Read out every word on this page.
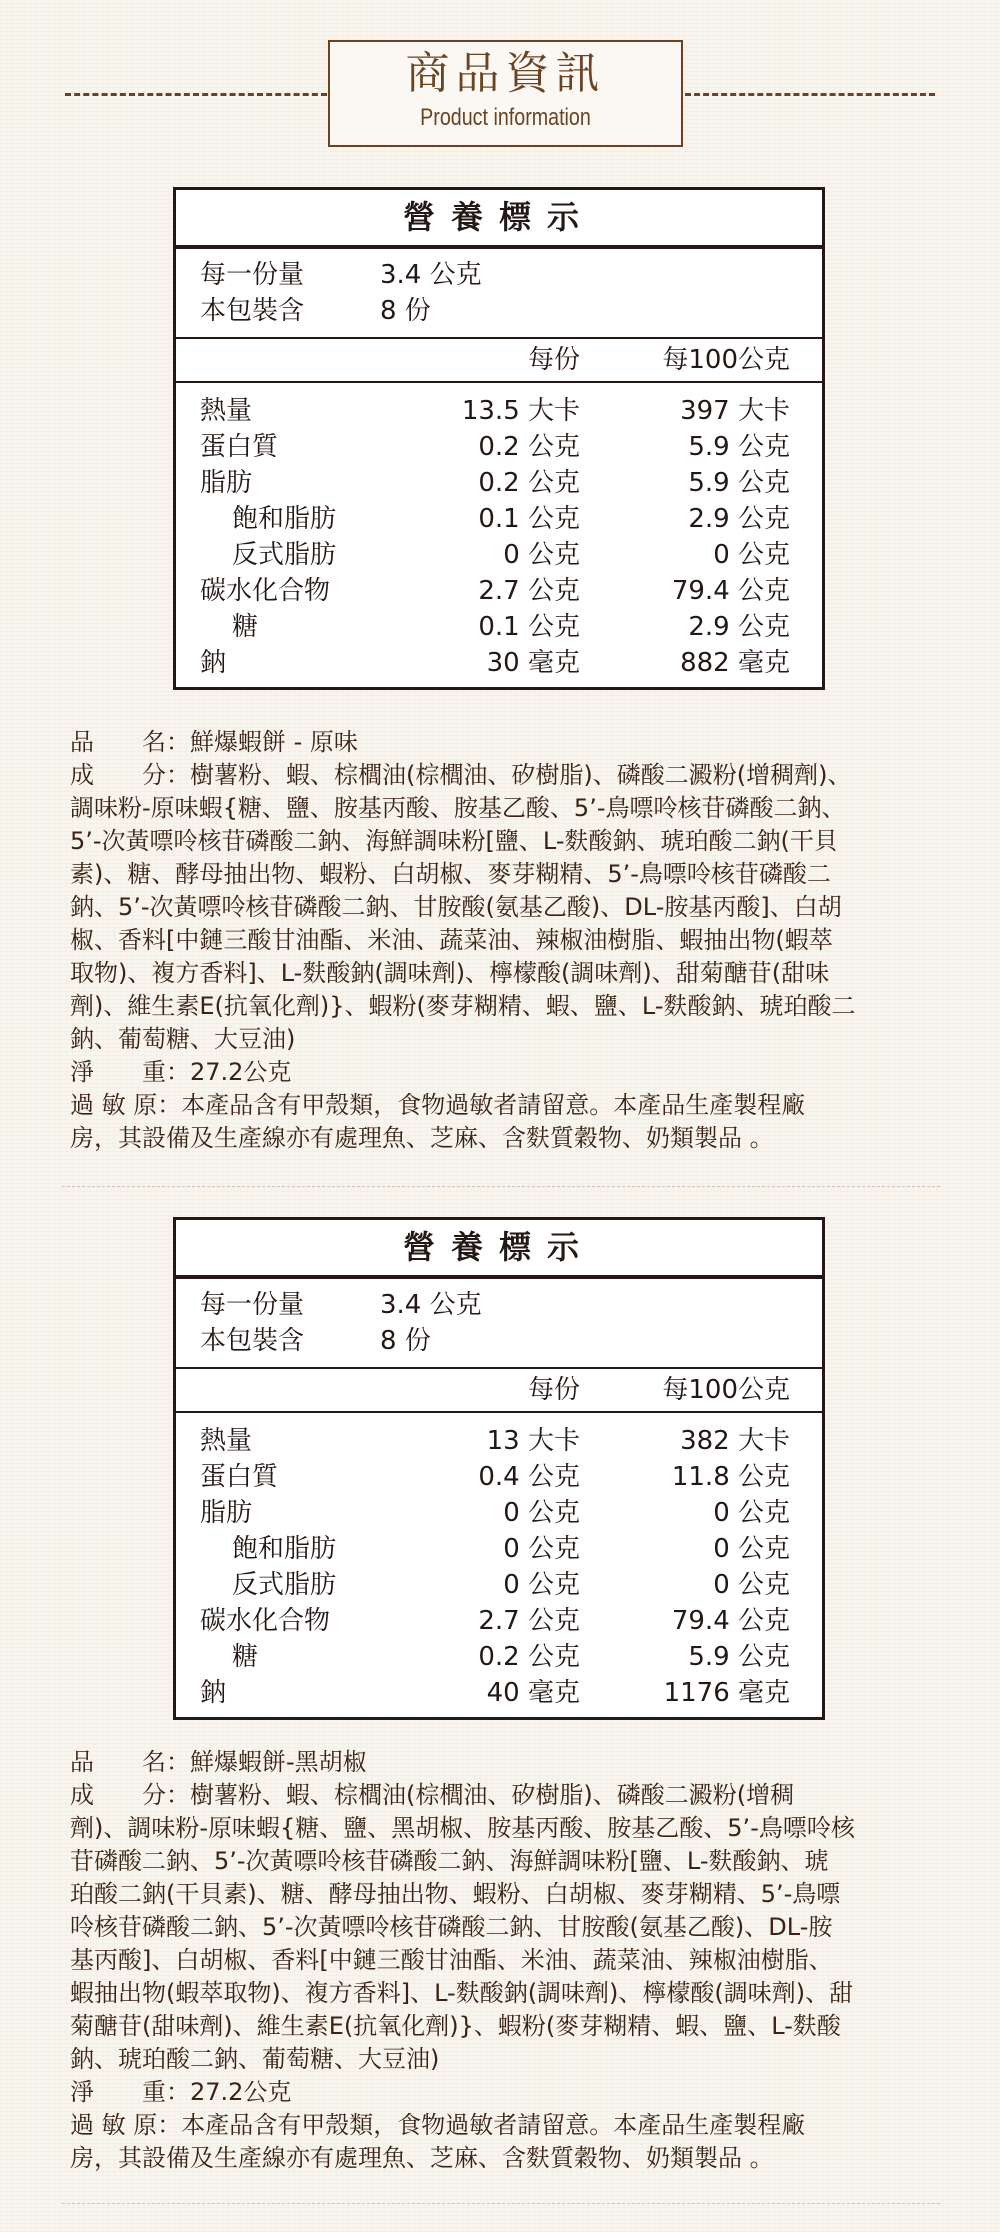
商品資訊
Product information
營養標示
每一份量	3.4 公克
本包裝含	8 份
每份	每100公克
熱量	13.5 大卡	397 大卡
蛋白質	0.2 公克	5.9 公克
脂肪	0.2 公克	5.9 公克
飽和脂肪	0.1 公克	2.9 公克
反式脂肪	0 公克	0 公克
碳水化合物	2.7 公克	79.4 公克
糖	0.1 公克	2.9 公克
鈉	30 毫克	882 毫克
品　　名：鮮爆蝦餅 - 原味
成　　分：樹薯粉、蝦、棕櫚油(棕櫚油、矽樹脂)、磷酸二澱粉(增稠劑)、
調味粉-原味蝦{糖、鹽、胺基丙酸、胺基乙酸、5’-鳥嘌呤核苷磷酸二鈉、
5’-次黃嘌呤核苷磷酸二鈉、海鮮調味粉[鹽、L-麩酸鈉、琥珀酸二鈉(干貝
素)、糖、酵母抽出物、蝦粉、白胡椒、麥芽糊精、5’-鳥嘌呤核苷磷酸二
鈉、5’-次黃嘌呤核苷磷酸二鈉、甘胺酸(氨基乙酸)、DL-胺基丙酸]、白胡
椒、香料[中鏈三酸甘油酯、米油、蔬菜油、辣椒油樹脂、蝦抽出物(蝦萃
取物)、複方香料]、L-麩酸鈉(調味劑)、檸檬酸(調味劑)、甜菊醣苷(甜味
劑)、維生素E(抗氧化劑)}、蝦粉(麥芽糊精、蝦、鹽、L-麩酸鈉、琥珀酸二
鈉、葡萄糖、大豆油)
淨　　重：27.2公克
過 敏 原：本產品含有甲殼類，食物過敏者請留意。本產品生產製程廠
房，其設備及生產線亦有處理魚、芝麻、含麩質穀物、奶類製品 。
營養標示
每一份量	3.4 公克
本包裝含	8 份
每份	每100公克
熱量	13 大卡	382 大卡
蛋白質	0.4 公克	11.8 公克
脂肪	0 公克	0 公克
飽和脂肪	0 公克	0 公克
反式脂肪	0 公克	0 公克
碳水化合物	2.7 公克	79.4 公克
糖	0.2 公克	5.9 公克
鈉	40 毫克	1176 毫克
品　　名：鮮爆蝦餅-黑胡椒
成　　分：樹薯粉、蝦、棕櫚油(棕櫚油、矽樹脂)、磷酸二澱粉(增稠
劑)、調味粉-原味蝦{糖、鹽、黑胡椒、胺基丙酸、胺基乙酸、5’-鳥嘌呤核
苷磷酸二鈉、5’-次黃嘌呤核苷磷酸二鈉、海鮮調味粉[鹽、L-麩酸鈉、琥
珀酸二鈉(干貝素)、糖、酵母抽出物、蝦粉、白胡椒、麥芽糊精、5’-鳥嘌
呤核苷磷酸二鈉、5’-次黃嘌呤核苷磷酸二鈉、甘胺酸(氨基乙酸)、DL-胺
基丙酸]、白胡椒、香料[中鏈三酸甘油酯、米油、蔬菜油、辣椒油樹脂、
蝦抽出物(蝦萃取物)、複方香料]、L-麩酸鈉(調味劑)、檸檬酸(調味劑)、甜
菊醣苷(甜味劑)、維生素E(抗氧化劑)}、蝦粉(麥芽糊精、蝦、鹽、L-麩酸
鈉、琥珀酸二鈉、葡萄糖、大豆油)
淨　　重：27.2公克
過 敏 原：本產品含有甲殼類，食物過敏者請留意。本產品生產製程廠
房，其設備及生產線亦有處理魚、芝麻、含麩質穀物、奶類製品 。
